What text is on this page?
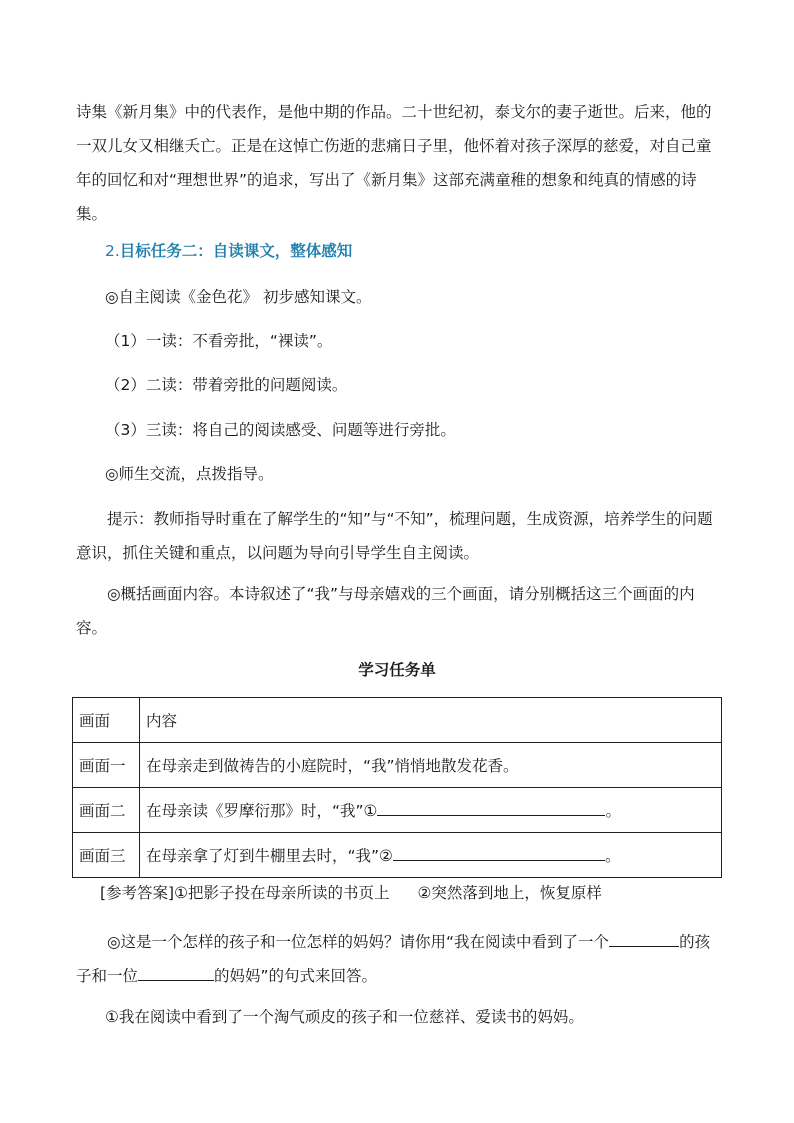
诗集《新月集》中的代表作，是他中期的作品。二十世纪初，泰戈尔的妻子逝世。后来，他的
一双儿女又相继夭亡。正是在这悼亡伤逝的悲痛日子里，他怀着对孩子深厚的慈爱，对自己童
年的回忆和对“理想世界”的追求，写出了《新月集》这部充满童稚的想象和纯真的情感的诗
集。
2.目标任务二：自读课文，整体感知
◎自主阅读《金色花》 初步感知课文。
（1）一读：不看旁批，“裸读”。
（2）二读：带着旁批的问题阅读。
（3）三读：将自己的阅读感受、问题等进行旁批。
◎师生交流，点拨指导。

提示：教师指导时重在了解学生的“知”与“不知”，梳理问题，生成资源，培养学生的问题意识，抓住关键和重点，以问题为导向引导学生自主阅读。

◎概括画面内容。本诗叙述了“我”与母亲嬉戏的三个画面，请分别概括这三个画面的内容。

学习任务单
画面	内容
画面一	在母亲走到做祷告的小庭院时，“我”悄悄地散发花香。
画面二	在母亲读《罗摩衍那》时，“我”① 。
画面三	在母亲拿了灯到牛棚里去时，“我”② 。
[参考答案]①把影子投在母亲所读的书页上 ②突然落到地上，恢复原样

◎这是一个怎样的孩子和一位怎样的妈妈？请你用“我在阅读中看到了一个	的孩子和一位	的妈妈”的句式来回答。

①我在阅读中看到了一个淘气顽皮的孩子和一位慈祥、爱读书的妈妈。
